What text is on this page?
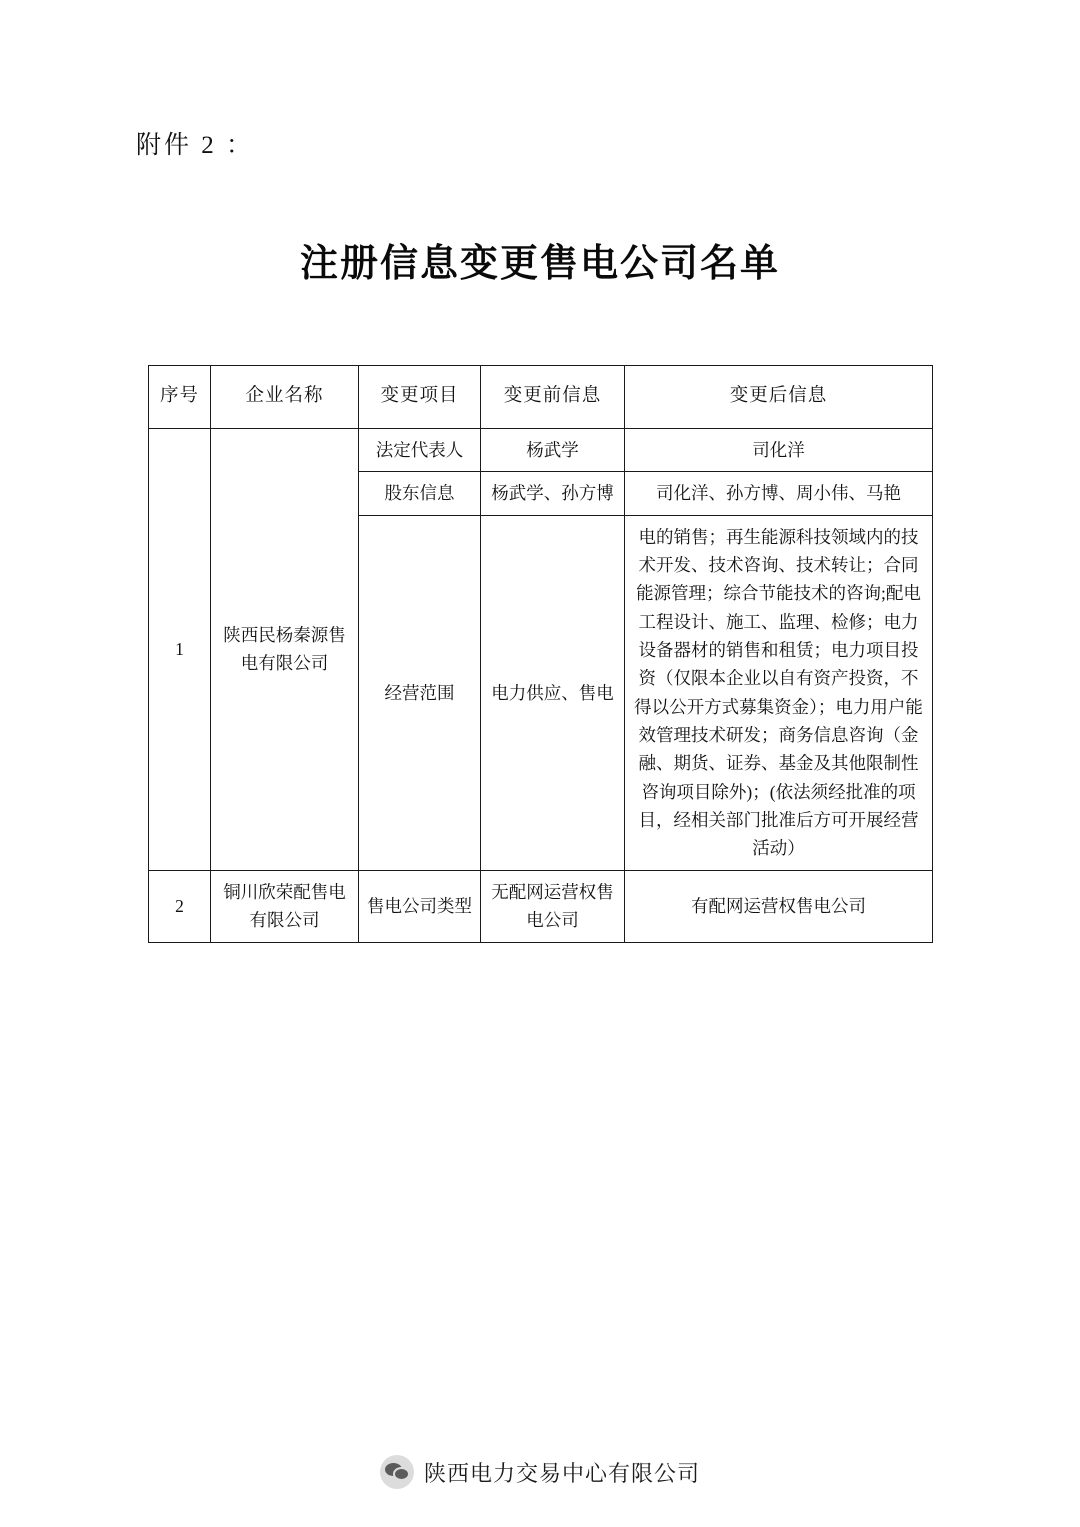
附件 2 ：
注册信息变更售电公司名单
序号	企业名称	变更项目	变更前信息	变更后信息
1	陕西民杨秦源售电有限公司	法定代表人	杨武学	司化洋
		股东信息	杨武学、孙方博	司化洋、孙方博、周小伟、马艳
		经营范围	电力供应、售电	电的销售；再生能源科技领域内的技术开发、技术咨询、技术转让；合同能源管理；综合节能技术的咨询;配电工程设计、施工、监理、检修；电力设备器材的销售和租赁；电力项目投资（仅限本企业以自有资产投资，不得以公开方式募集资金）；电力用户能效管理技术研发；商务信息咨询（金融、期货、证券、基金及其他限制性咨询项目除外)；(依法须经批准的项目，经相关部门批准后方可开展经营活动）
2	铜川欣荣配售电有限公司	售电公司类型	无配网运营权售电公司	有配网运营权售电公司
陕西电力交易中心有限公司
